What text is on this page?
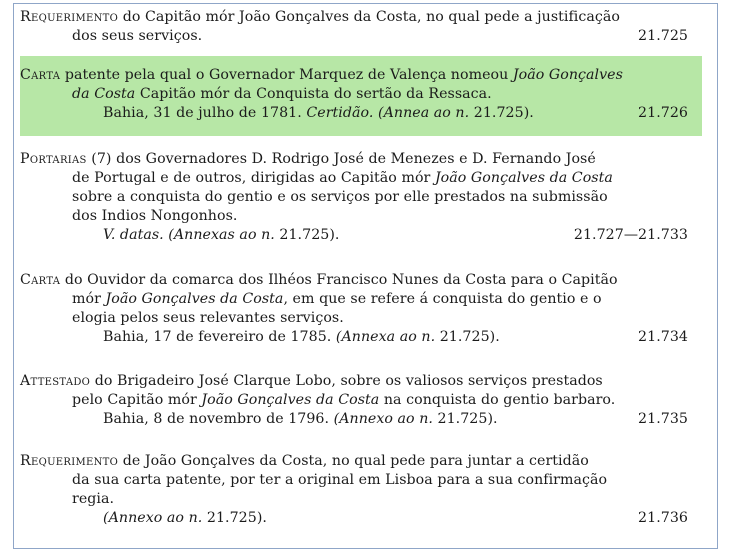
Requerimento do Capitão mór João Gonçalves da Costa, no qual pede a justificação
dos seus serviços.	21.725
Carta patente pela qual o Governador Marquez de Valença nomeou João Gonçalves
da Costa Capitão mór da Conquista do sertão da Ressaca.
Bahia, 31 de julho de 1781. Certidão. (Annea ao n. 21.725).	21.726
Portarias (7) dos Governadores D. Rodrigo José de Menezes e D. Fernando José
de Portugal e de outros, dirigidas ao Capitão mór João Gonçalves da Costa
sobre a conquista do gentio e os serviços por elle prestados na submissão
dos Indios Nongonhos.
V. datas. (Annexas ao n. 21.725).	21.727—21.733
Carta do Ouvidor da comarca dos Ilhéos Francisco Nunes da Costa para o Capitão
mór João Gonçalves da Costa, em que se refere á conquista do gentio e o
elogia pelos seus relevantes serviços.
Bahia, 17 de fevereiro de 1785. (Annexa ao n. 21.725).	21.734
Attestado do Brigadeiro José Clarque Lobo, sobre os valiosos serviços prestados
pelo Capitão mór João Gonçalves da Costa na conquista do gentio barbaro.
Bahia, 8 de novembro de 1796. (Annexo ao n. 21.725).	21.735
Requerimento de João Gonçalves da Costa, no qual pede para juntar a certidão
da sua carta patente, por ter a original em Lisboa para a sua confirmação
regia.
(Annexo ao n. 21.725).	21.736
